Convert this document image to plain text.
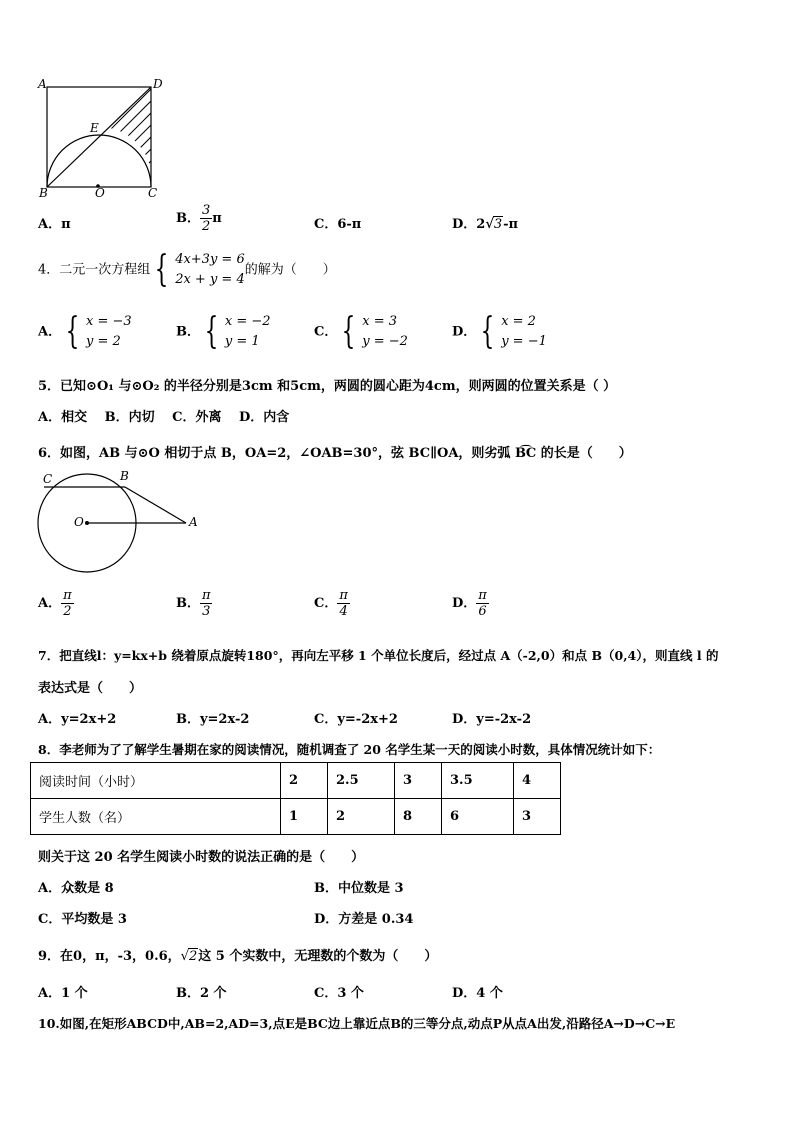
A	D
E
B	O	C
A．π	B． $\frac{3}{2}$ π	C．6-π	D．2√3-π
4．二元一次方程组 { 4x+3y = 6
2x + y = 4
的解为（　　）
A． { x = −3
y = 2
B． { x = −2
y = 1
C． { x = 3
y = −2
D． { x = 2
y = −1
5．已知⊙O₁ 与⊙O₂ 的半径分别是3cm 和5cm，两圆的圆心距为4cm，则两圆的位置关系是（ ）
A．相交　 B．内切　 C．外离　 D．内含
6．如图，AB 与⊙O 相切于点 B，OA=2，∠OAB=30°，弦 BC∥OA，则劣弧 B͡C 的长是（　　）
C	B
O	A
A． $\frac{\pi}{2}$	B． $\frac{\pi}{3}$	C． $\frac{\pi}{4}$	D． $\frac{\pi}{6}$
7．把直线l：y=kx+b 绕着原点旋转180°，再向左平移 1 个单位长度后，经过点 A（-2,0）和点 B（0,4），则直线 l 的
表达式是（　　）
A．y=2x+2	B．y=2x-2	C．y=-2x+2	D．y=-2x-2
8．李老师为了了解学生暑期在家的阅读情况，随机调查了 20 名学生某一天的阅读小时数，具体情况统计如下：
阅读时间（小时）	2	2.5	3	3.5	4
学生人数（名）	1	2	8	6	3
则关于这 20 名学生阅读小时数的说法正确的是（　　）
A．众数是 8	B．中位数是 3
C．平均数是 3	D．方差是 0.34
9．在0，π，-3，0.6，√2这 5 个实数中，无理数的个数为（　　）
A．1 个	B．2 个	C．3 个	D．4 个
10.如图,在矩形ABCD中,AB=2,AD=3,点E是BC边上靠近点B的三等分点,动点P从点A出发,沿路径A→D→C→E
